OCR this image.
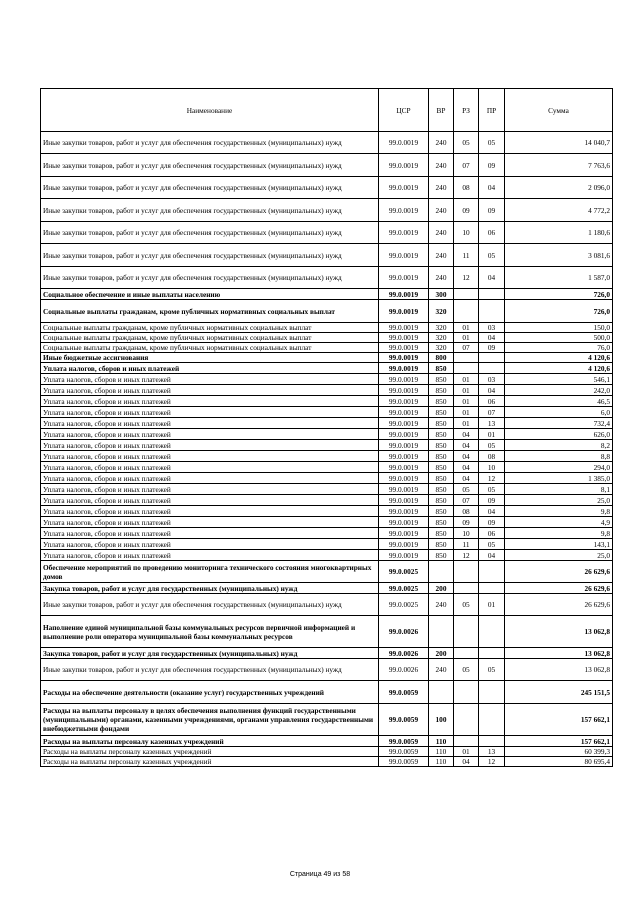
Наименование	ЦСР	ВР	РЗ	ПР	Сумма
Иные закупки товаров, работ и услуг для обеспечения государственных (муниципальных) нужд	99.0.0019	240	05	05	14 040,7
Иные закупки товаров, работ и услуг для обеспечения государственных (муниципальных) нужд	99.0.0019	240	07	09	7 763,6
Иные закупки товаров, работ и услуг для обеспечения государственных (муниципальных) нужд	99.0.0019	240	08	04	2 096,0
Иные закупки товаров, работ и услуг для обеспечения государственных (муниципальных) нужд	99.0.0019	240	09	09	4 772,2
Иные закупки товаров, работ и услуг для обеспечения государственных (муниципальных) нужд	99.0.0019	240	10	06	1 180,6
Иные закупки товаров, работ и услуг для обеспечения государственных (муниципальных) нужд	99.0.0019	240	11	05	3 081,6
Иные закупки товаров, работ и услуг для обеспечения государственных (муниципальных) нужд	99.0.0019	240	12	04	1 587,0
Социальное обеспечение и иные выплаты населению	99.0.0019	300			726,0
Социальные выплаты гражданам, кроме публичных нормативных социальных выплат	99.0.0019	320			726,0
Социальные выплаты гражданам, кроме публичных нормативных социальных выплат	99.0.0019	320	01	03	150,0
Социальные выплаты гражданам, кроме публичных нормативных социальных выплат	99.0.0019	320	01	04	500,0
Социальные выплаты гражданам, кроме публичных нормативных социальных выплат	99.0.0019	320	07	09	76,0
Иные бюджетные ассигнования	99.0.0019	800			4 120,6
Уплата налогов, сборов и иных платежей	99.0.0019	850			4 120,6
Уплата налогов, сборов и иных платежей	99.0.0019	850	01	03	546,1
Уплата налогов, сборов и иных платежей	99.0.0019	850	01	04	242,0
Уплата налогов, сборов и иных платежей	99.0.0019	850	01	06	46,5
Уплата налогов, сборов и иных платежей	99.0.0019	850	01	07	6,0
Уплата налогов, сборов и иных платежей	99.0.0019	850	01	13	732,4
Уплата налогов, сборов и иных платежей	99.0.0019	850	04	01	626,0
Уплата налогов, сборов и иных платежей	99.0.0019	850	04	05	8,2
Уплата налогов, сборов и иных платежей	99.0.0019	850	04	08	8,8
Уплата налогов, сборов и иных платежей	99.0.0019	850	04	10	294,0
Уплата налогов, сборов и иных платежей	99.0.0019	850	04	12	1 385,0
Уплата налогов, сборов и иных платежей	99.0.0019	850	05	05	8,1
Уплата налогов, сборов и иных платежей	99.0.0019	850	07	09	25,0
Уплата налогов, сборов и иных платежей	99.0.0019	850	08	04	9,8
Уплата налогов, сборов и иных платежей	99.0.0019	850	09	09	4,9
Уплата налогов, сборов и иных платежей	99.0.0019	850	10	06	9,8
Уплата налогов, сборов и иных платежей	99.0.0019	850	11	05	143,1
Уплата налогов, сборов и иных платежей	99.0.0019	850	12	04	25,0
Обеспечение мероприятий по проведению мониторинга технического состояния многоквартирных домов	99.0.0025				26 629,6
Закупка товаров, работ и услуг для государственных (муниципальных) нужд	99.0.0025	200			26 629,6
Иные закупки товаров, работ и услуг для обеспечения государственных (муниципальных) нужд	99.0.0025	240	05	01	26 629,6
Наполнение единой муниципальной базы коммунальных ресурсов первичной информацией и выполнение роли оператора муниципальной базы коммунальных ресурсов	99.0.0026				13 062,8
Закупка товаров, работ и услуг для государственных (муниципальных) нужд	99.0.0026	200			13 062,8
Иные закупки товаров, работ и услуг для обеспечения государственных (муниципальных) нужд	99.0.0026	240	05	05	13 062,8
Расходы на обеспечение деятельности (оказание услуг) государственных учреждений	99.0.0059				245 151,5
Расходы на выплаты персоналу в целях обеспечения выполнения функций государственными (муниципальными) органами, казенными учреждениями, органами управления государственными внебюджетными фондами	99.0.0059	100			157 662,1
Расходы на выплаты персоналу казенных учреждений	99.0.0059	110			157 662,1
Расходы на выплаты персоналу казенных учреждений	99.0.0059	110	01	13	60 399,3
Расходы на выплаты персоналу казенных учреждений	99.0.0059	110	04	12	80 695,4
Страница 49 из 58
